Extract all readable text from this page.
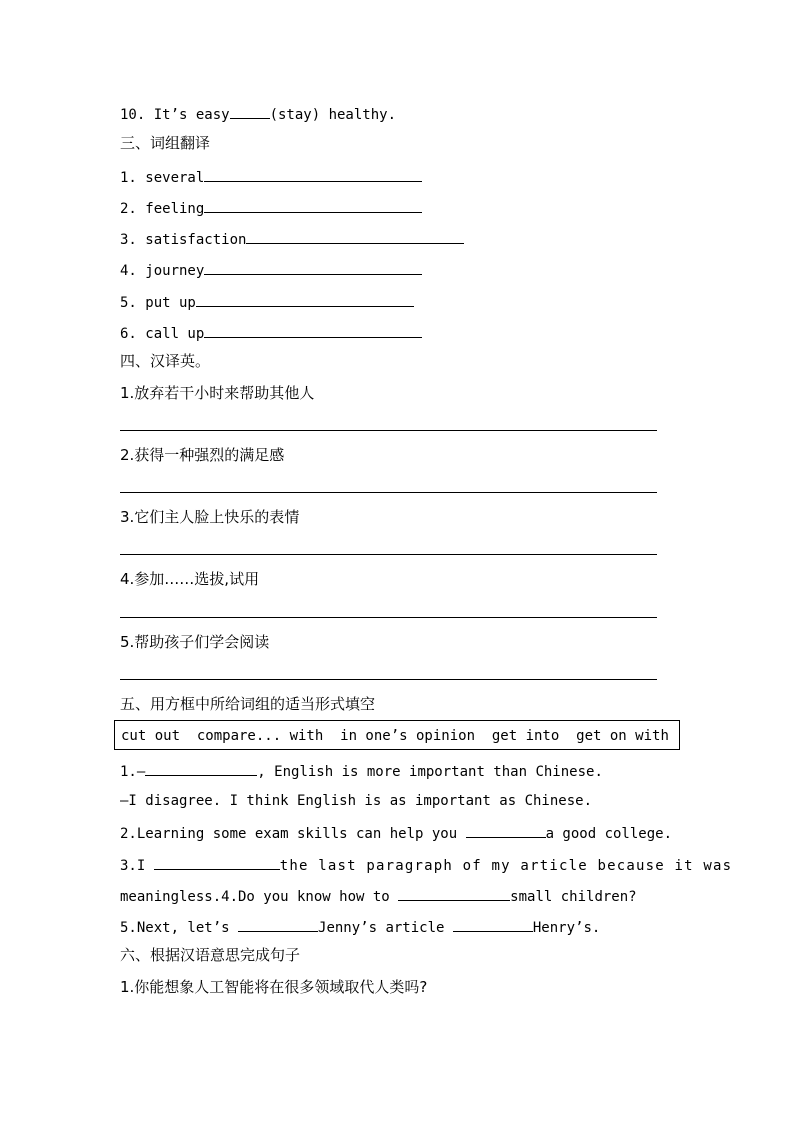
10. It’s easy	(stay) healthy.
三、词组翻译
1. several
2. feeling
3. satisfaction
4. journey
5. put up
6. call up
四、汉译英。
1.放弃若干小时来帮助其他人
2.获得一种强烈的满足感
3.它们主人脸上快乐的表情
4.参加……选拔,试用
5.帮助孩子们学会阅读
五、用方框中所给词组的适当形式填空
cut out  compare... with  in one’s opinion  get into  get on with
1.—	, English is more important than Chinese.
—I disagree. I think English is as important as Chinese.
2.Learning some exam skills can help you	a good college.
3.I	the last paragraph of my article because it was
meaningless.4.Do you know how to	small children?
5.Next, let’s	Jenny’s article	Henry’s.
六、根据汉语意思完成句子
1.你能想象人工智能将在很多领域取代人类吗?
